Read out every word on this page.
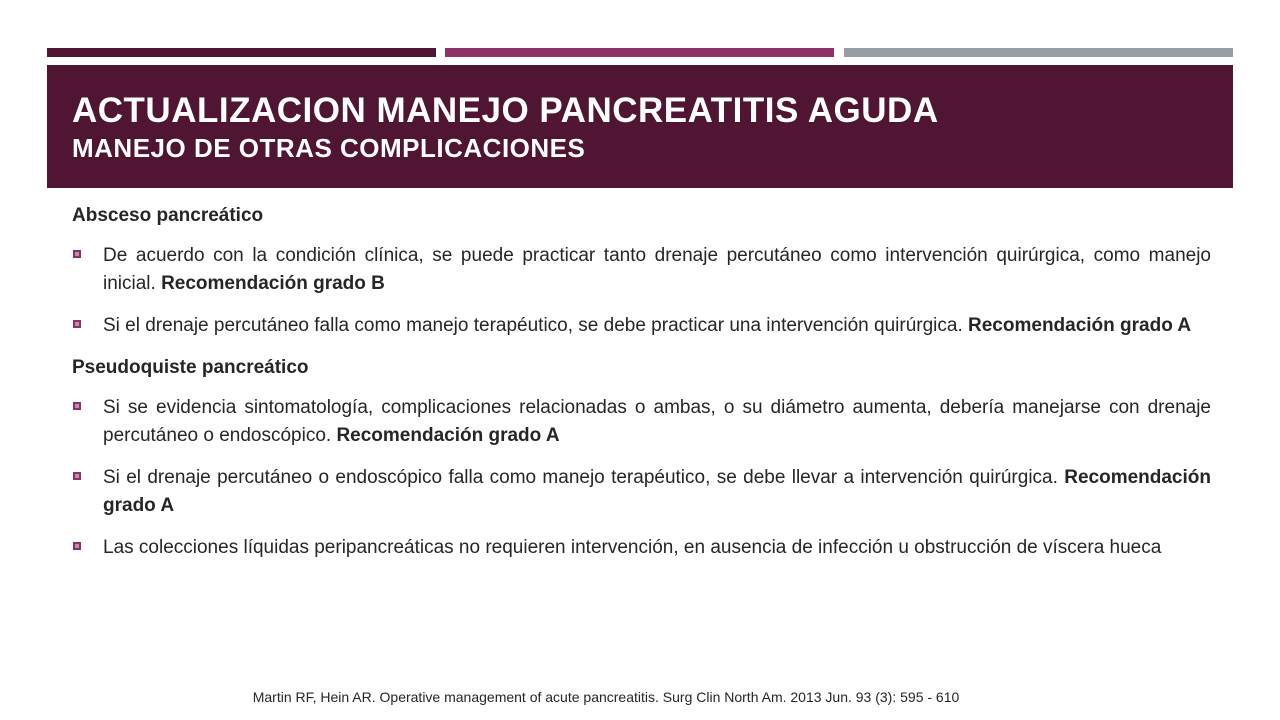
ACTUALIZACION MANEJO PANCREATITIS AGUDA
MANEJO DE OTRAS COMPLICACIONES
Absceso pancreático
De acuerdo con la condición clínica, se puede practicar tanto drenaje percutáneo como intervención quirúrgica, como manejo inicial. Recomendación grado B
Si el drenaje percutáneo falla como manejo terapéutico, se debe practicar una intervención quirúrgica. Recomendación grado A
Pseudoquiste pancreático
Si se evidencia sintomatología, complicaciones relacionadas o ambas, o su diámetro aumenta, debería manejarse con drenaje percutáneo o endoscópico. Recomendación grado A
Si el drenaje percutáneo o endoscópico falla como manejo terapéutico, se debe llevar a intervención quirúrgica. Recomendación grado A
Las colecciones líquidas peripancreáticas no requieren intervención, en ausencia de infección u obstrucción de víscera hueca
Martin RF, Hein AR. Operative management of acute pancreatitis. Surg Clin North Am. 2013 Jun. 93 (3): 595 - 610
